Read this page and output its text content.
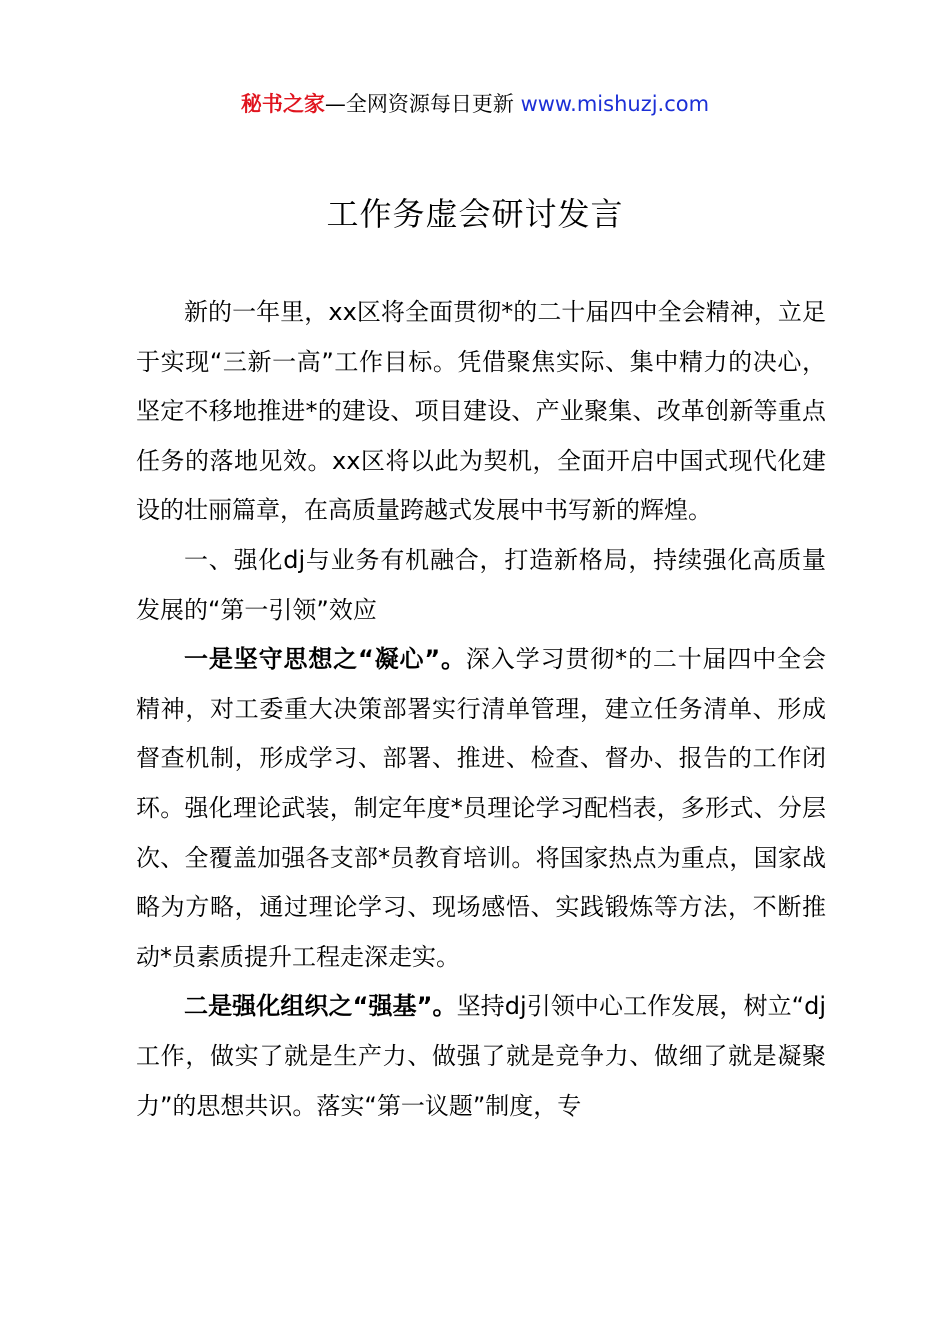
秘书之家—全网资源每日更新 www.mishuzj.com
工作务虚会研讨发言

新的一年里，xx区将全面贯彻*的二十届四中全会精神，立足于实现“三新一高”工作目标。凭借聚焦实际、集中精力的决心，坚定不移地推进*的建设、项目建设、产业聚集、改革创新等重点任务的落地见效。xx区将以此为契机，全面开启中国式现代化建设的壮丽篇章，在高质量跨越式发展中书写新的辉煌。

一、强化dj与业务有机融合，打造新格局，持续强化高质量发展的“第一引领”效应

一是坚守思想之“凝心”。深入学习贯彻*的二十届四中全会精神，对工委重大决策部署实行清单管理，建立任务清单、形成督查机制，形成学习、部署、推进、检查、督办、报告的工作闭环。强化理论武装，制定年度*员理论学习配档表，多形式、分层次、全覆盖加强各支部*员教育培训。将国家热点为重点，国家战略为方略，通过理论学习、现场感悟、实践锻炼等方法，不断推动*员素质提升工程走深走实。

二是强化组织之“强基”。坚持dj引领中心工作发展，树立“dj工作，做实了就是生产力、做强了就是竞争力、做细了就是凝聚力”的思想共识。落实“第一议题”制度，专
